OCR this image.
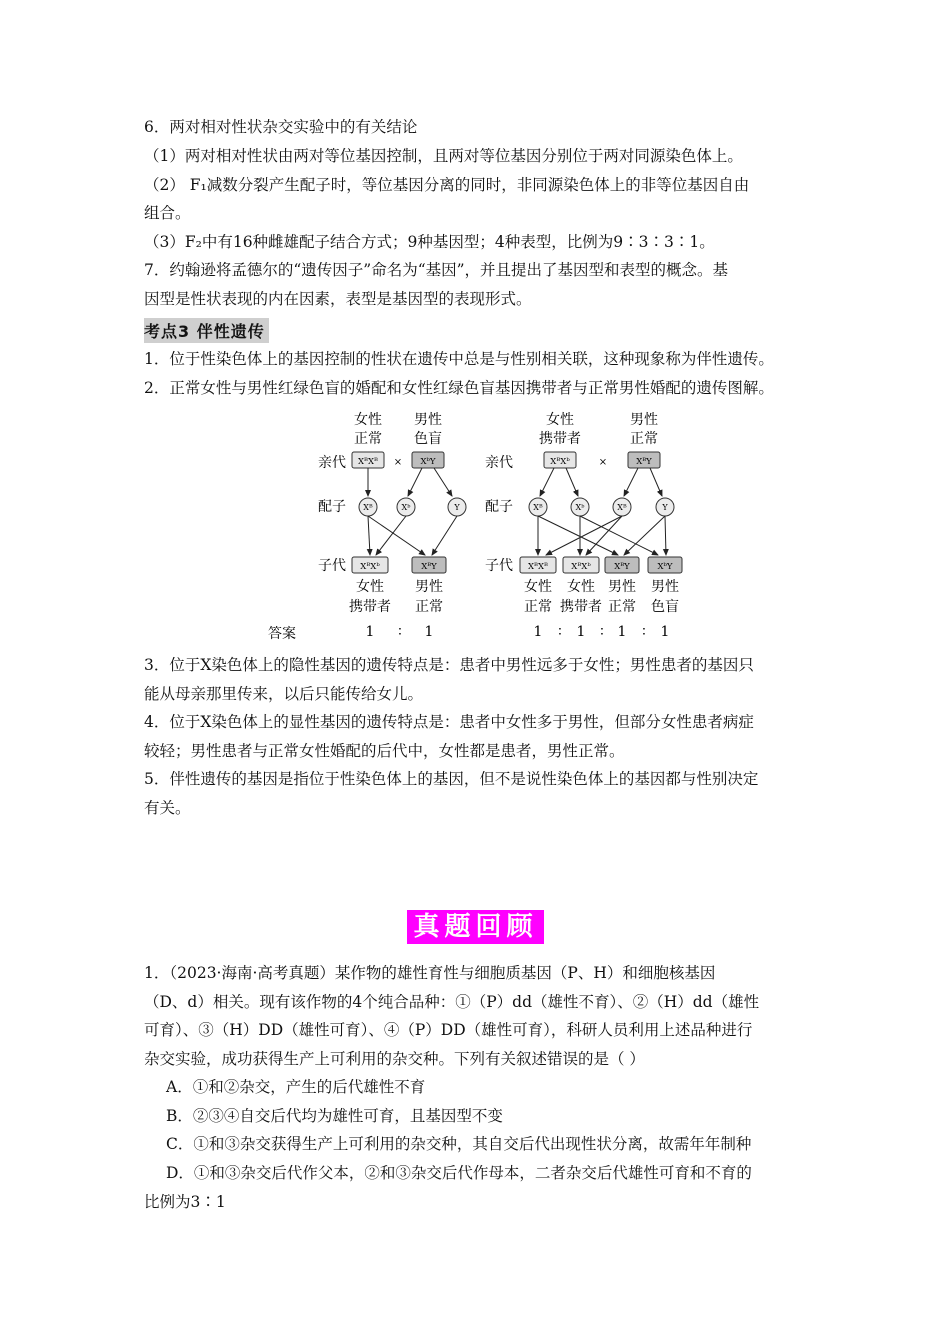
6．两对相对性状杂交实验中的有关结论
（1）两对相对性状由两对等位基因控制，且两对等位基因分别位于两对同源染色体上。
（2） F₁减数分裂产生配子时，等位基因分离的同时，非同源染色体上的非等位基因自由
组合。
（3）F₂中有16种雌雄配子结合方式；9种基因型；4种表型，比例为9∶3∶3∶1。
7．约翰逊将孟德尔的“遗传因子”命名为“基因”，并且提出了基因型和表型的概念。基
因型是性状表现的内在因素，表型是基因型的表现形式。
考点3 伴性遗传
1．位于性染色体上的基因控制的性状在遗传中总是与性别相关联，这种现象称为伴性遗传。
2．正常女性与男性红绿色盲的婚配和女性红绿色盲基因携带者与正常男性婚配的遗传图解。
亲代
配子
子代
答案
亲代
配子
子代
女性
正常
男性
色盲
XᴮXᴮ × XᵇY
Xᴮ	Xᵇ	Y
XᴮXᵇ	XᴮY
女性
携带者
男性
正常
1 ∶ 1
女性
携带者
男性
正常
XᴮXᵇ	×	XᴮY
Xᴮ	Xᵇ	Xᴮ	Y
XᴮXᴮ	XᴮXᵇ	XᴮY	XᵇY
女性
正常
女性
携带者
男性
正常
男性
色盲
1 ∶ 1 ∶ 1 ∶ 1
3．位于X染色体上的隐性基因的遗传特点是：患者中男性远多于女性；男性患者的基因只
能从母亲那里传来，以后只能传给女儿。
4．位于X染色体上的显性基因的遗传特点是：患者中女性多于男性，但部分女性患者病症
较轻；男性患者与正常女性婚配的后代中，女性都是患者，男性正常。
5．伴性遗传的基因是指位于性染色体上的基因，但不是说性染色体上的基因都与性别决定
有关。
真题回顾
1．（2023·海南·高考真题）某作物的雄性育性与细胞质基因（P、H）和细胞核基因
（D、d）相关。现有该作物的4个纯合品种：①（P）dd（雄性不育）、②（H）dd（雄性
可育）、③（H）DD（雄性可育）、④（P）DD（雄性可育），科研人员利用上述品种进行
杂交实验，成功获得生产上可利用的杂交种。下列有关叙述错误的是（ ）
A．①和②杂交，产生的后代雄性不育
B．②③④自交后代均为雄性可育，且基因型不变
C．①和③杂交获得生产上可利用的杂交种，其自交后代出现性状分离，故需年年制种
D．①和③杂交后代作父本，②和③杂交后代作母本，二者杂交后代雄性可育和不育的
比例为3∶1
